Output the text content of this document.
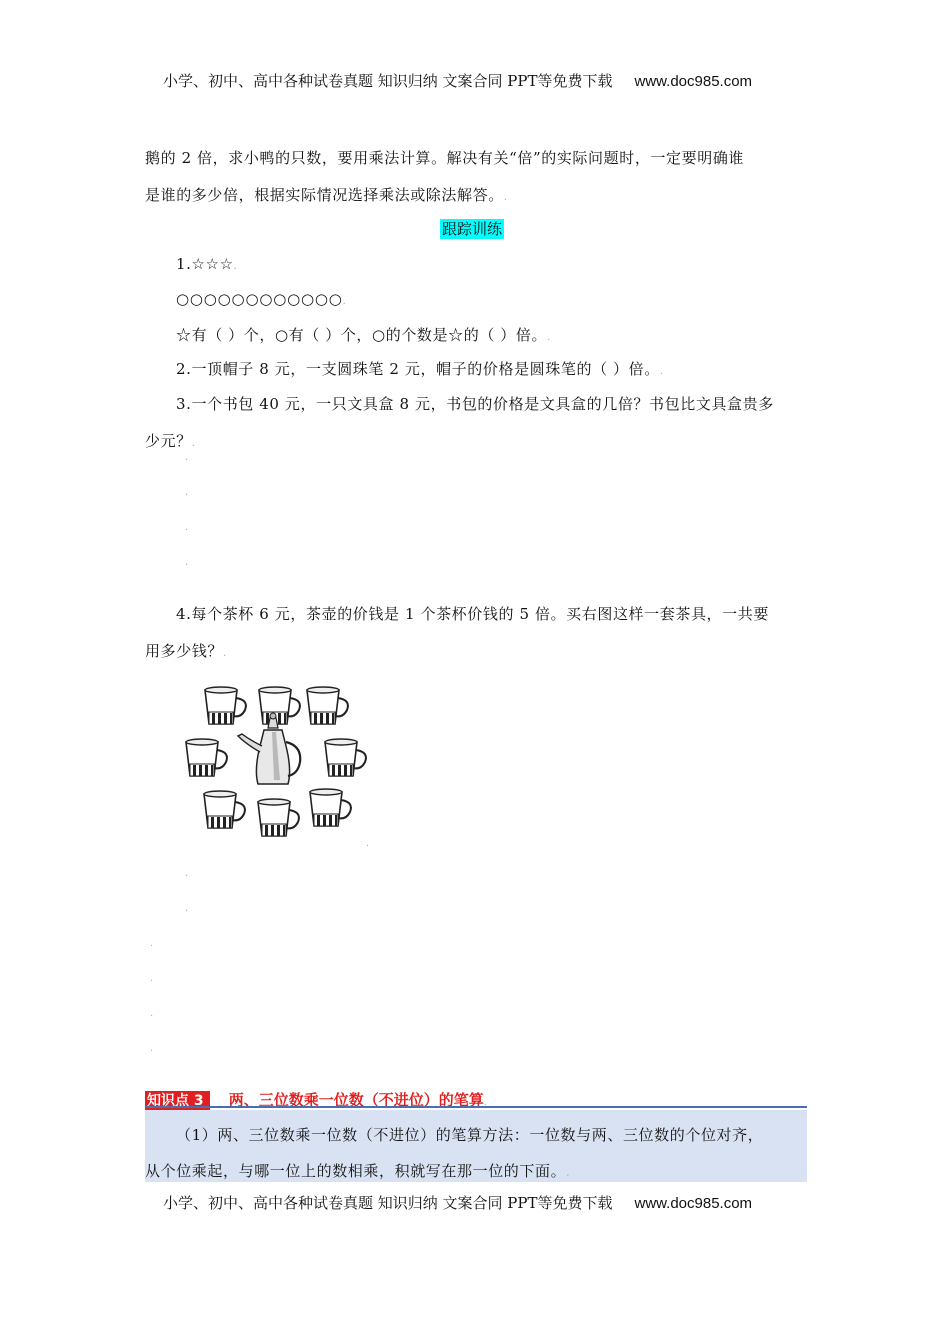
小学、初中、高中各种试卷真题 知识归纳 文案合同 PPT等免费下载 www.doc985.com
鹅的 2 倍，求小鸭的只数，要用乘法计算。解决有关“倍”的实际问题时，一定要明确谁
是谁的多少倍，根据实际情况选择乘法或除法解答。.
跟踪训练
1.☆☆☆.
○○○○○○○○○○○○.
☆有（ ）个，○有（ ）个，○的个数是☆的（ ）倍。.
2.一顶帽子 8 元，一支圆珠笔 2 元，帽子的价格是圆珠笔的（ ）倍。.
3.一个书包 40 元，一只文具盒 8 元，书包的价格是文具盒的几倍？书包比文具盒贵多
少元？.
.
.
.
.
4.每个茶杯 6 元，茶壶的价钱是 1 个茶杯价钱的 5 倍。买右图这样一套茶具，一共要
用多少钱？.
.
.
.
.
.
.
.
知识点 3 两、三位数乘一位数（不进位）的笔算.
（1）两、三位数乘一位数（不进位）的笔算方法：一位数与两、三位数的个位对齐，
从个位乘起，与哪一位上的数相乘，积就写在那一位的下面。.
小学、初中、高中各种试卷真题 知识归纳 文案合同 PPT等免费下载 www.doc985.com
